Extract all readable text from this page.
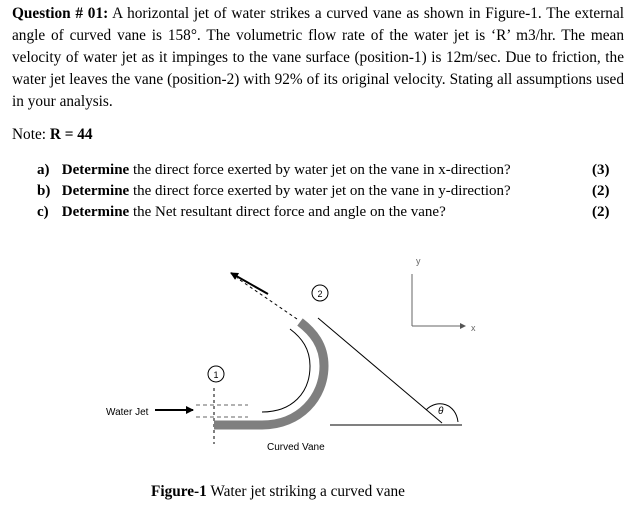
Question # 01: A horizontal jet of water strikes a curved vane as shown in Figure-1. The external angle of curved vane is 158°. The volumetric flow rate of the water jet is ‘R’ m3/hr. The mean velocity of water jet as it impinges to the vane surface (position-1) is 12m/sec. Due to friction, the water jet leaves the vane (position-2) with 92% of its original velocity. Stating all assumptions used in your analysis.
Note: R = 44
a) Determine the direct force exerted by water jet on the vane in x-direction?	(3)
b) Determine the direct force exerted by water jet on the vane in y-direction?	(2)
c) Determine the Net resultant direct force and angle on the vane?	(2)
Water Jet	θ
1
2
y
x
Curved Vane
Figure-1 Water jet striking a curved vane
